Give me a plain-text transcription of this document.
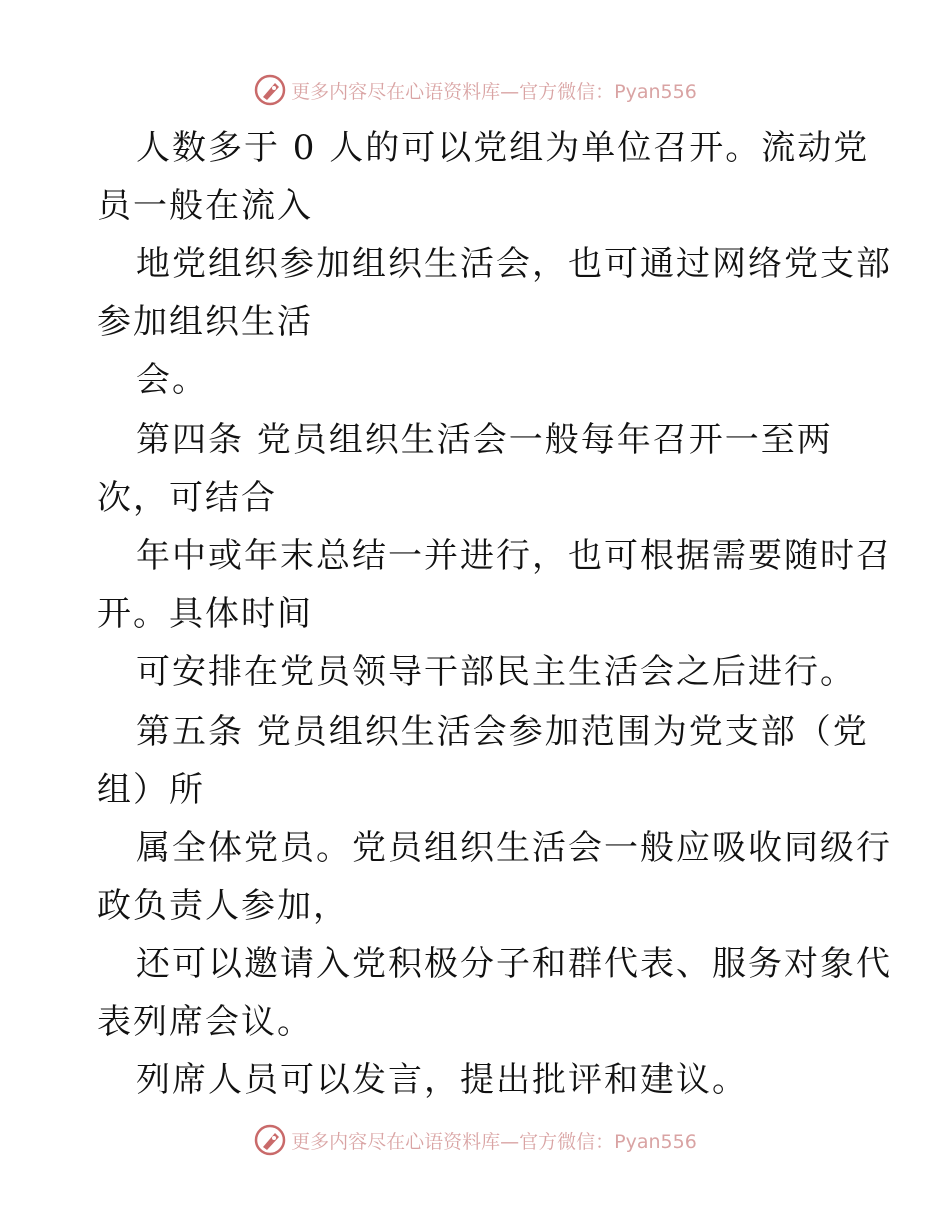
更多内容尽在心语资料库—官方微信：Pyan556
人数多于 0 人的可以党组为单位召开。流动党
员一般在流入
地党组织参加组织生活会，也可通过网络党支部
参加组织生活
会。
第四条 党员组织生活会一般每年召开一至两
次，可结合
年中或年末总结一并进行，也可根据需要随时召
开。具体时间
可安排在党员领导干部民主生活会之后进行。
第五条 党员组织生活会参加范围为党支部（党
组）所
属全体党员。党员组织生活会一般应吸收同级行
政负责人参加，
还可以邀请入党积极分子和群代表、服务对象代
表列席会议。
列席人员可以发言，提出批评和建议。
更多内容尽在心语资料库—官方微信：Pyan556
